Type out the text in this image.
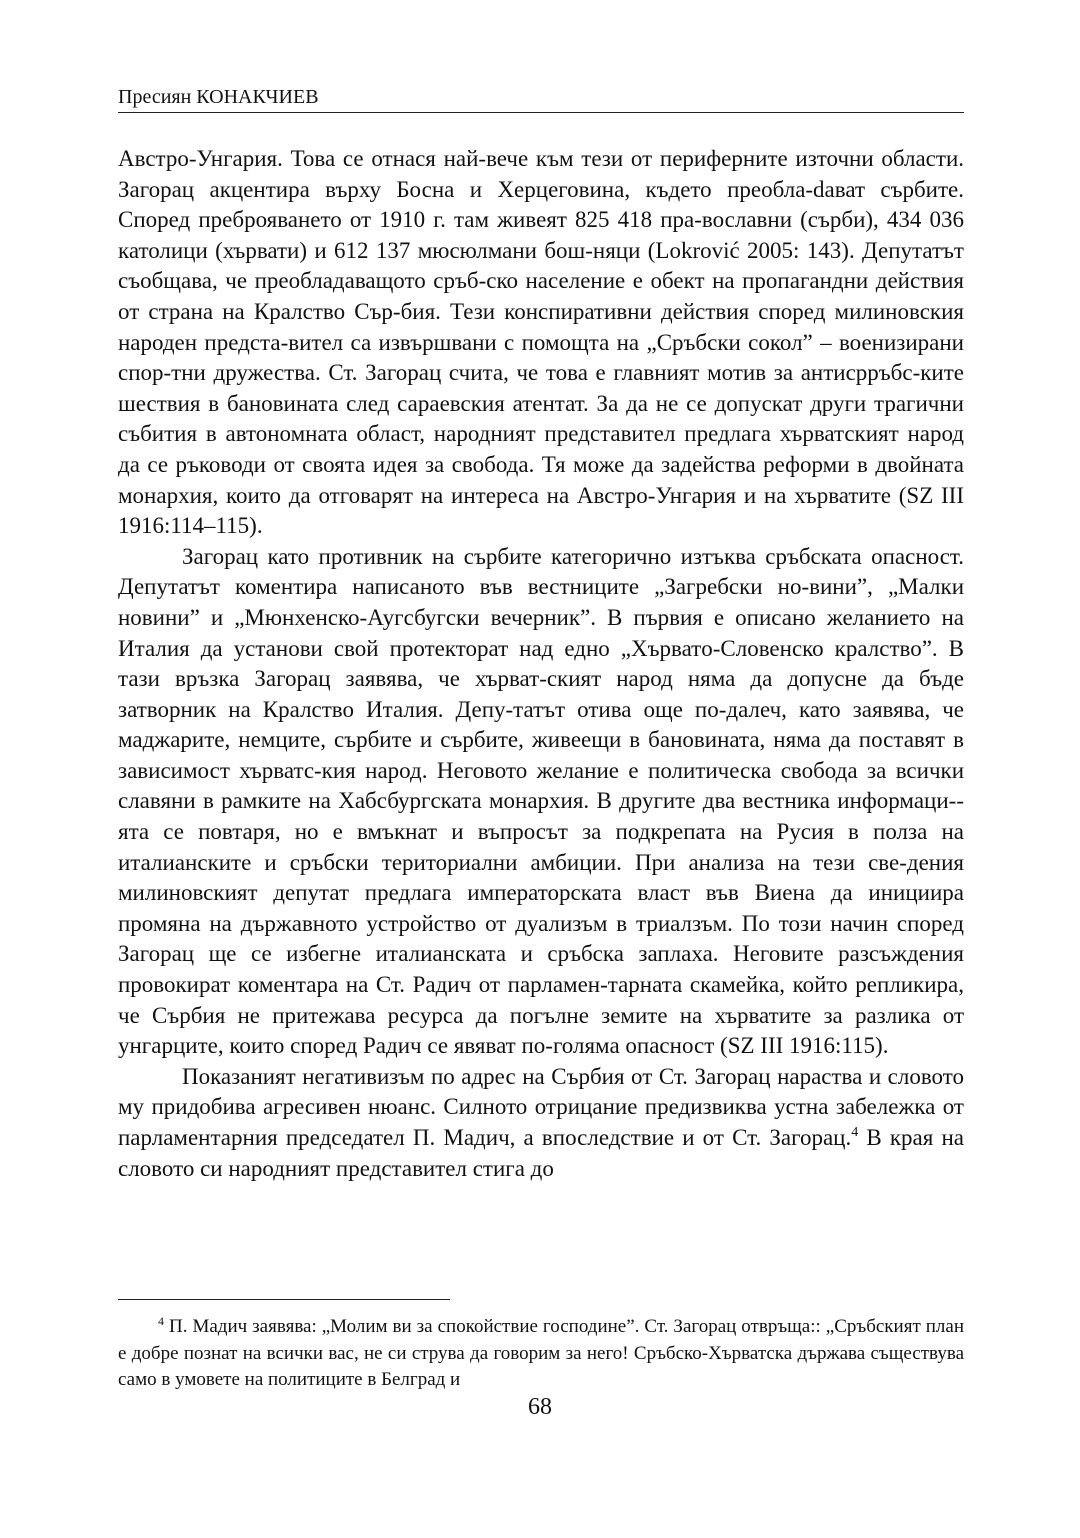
Пресиян КОНАКЧИЕВ

Австро-Унгария. Това се отнася най-вече към тези от периферните източни области. Загорац акцентира върху Босна и Херцеговина, където преобла-dават сърбите. Според преброяването от 1910 г. там живеят 825 418 пра-вославни (сърби), 434 036 католици (хървати) и 612 137 мюсюлмани бош-няци (Lokrović 2005: 143). Депутатът съобщава, че преобладаващото сръб-ско население е обект на пропагандни действия от страна на Кралство Сър-бия. Тези конспиративни действия според милиновския народен предста-вител са извършвани с помощта на „Сръбски сокол” – военизирани спор-тни дружества. Ст. Загорац счита, че това е главният мотив за антисрръбс-ките шествия в бановината след сараевския атентат. За да не се допускат други трагични събития в автономната област, народният представител предлага хърватският народ да се ръководи от своята идея за свобода. Тя може да задейства реформи в двойната монархия, които да отговарят на интереса на Австро-Унгария и на хърватите (SZ III 1916:114–115).

Загорац като противник на сърбите категорично изтъква сръбската опасност. Депутатът коментира написаното във вестниците „Загребски но-вини”, „Малки новини” и „Мюнхенско-Аугсбугски вечерник”. В първия е описано желанието на Италия да установи свой протекторат над едно „Хърватo-Словенско кралство”. В тази връзка Загорац заявява, че хърват-ският народ няма да допусне да бъде затворник на Кралство Италия. Депу-татът отива още по-далеч, като заявява, че маджарите, немците, сърбите и сърбите, живеещи в бановината, няма да поставят в зависимост хърватс-кия народ. Неговото желание е политическа свобода за всички славяни в рамките на Хабсбургската монархия. В другите два вестника информаци-ята се повтаря, но е вмъкнат и въпросът за подкрепата на Русия в полза на италианските и сръбски териториални амбиции. При анализа на тези све-дения милиновският депутат предлага императорската власт във Виена да инициира промяна на държавното устройство от дуализъм в триалзъм. По този начин според Загорац ще се избегне италианската и сръбска заплаха. Неговите разсъждения провокират коментара на Ст. Радич от парламен-тарната скамейка, който репликира, че Сърбия не притежава ресурса да погълне земите на хърватите за разлика от унгарците, които според Радич се явяват по-голяма опасност (SZ III 1916:115).

Показаният негативизъм по адрес на Сърбия от Ст. Загорац нараства и словото му придобива агресивен нюанс. Силното отрицание предизвиква устна забележка от парламентарния председател П. Мадич, а впоследствие и от Ст. Загорац.$^4$ В края на словото си народният представител стига до

$^4$ П. Мадич заявява: „Молим ви за спокойствие господине”. Ст. Загорац отвръща:: „Сръбският план е добре познат на всички вас, не си струва да говорим за него! Сръбско-Хърватска държава съществува само в умовете на политиците в Белград и
68
